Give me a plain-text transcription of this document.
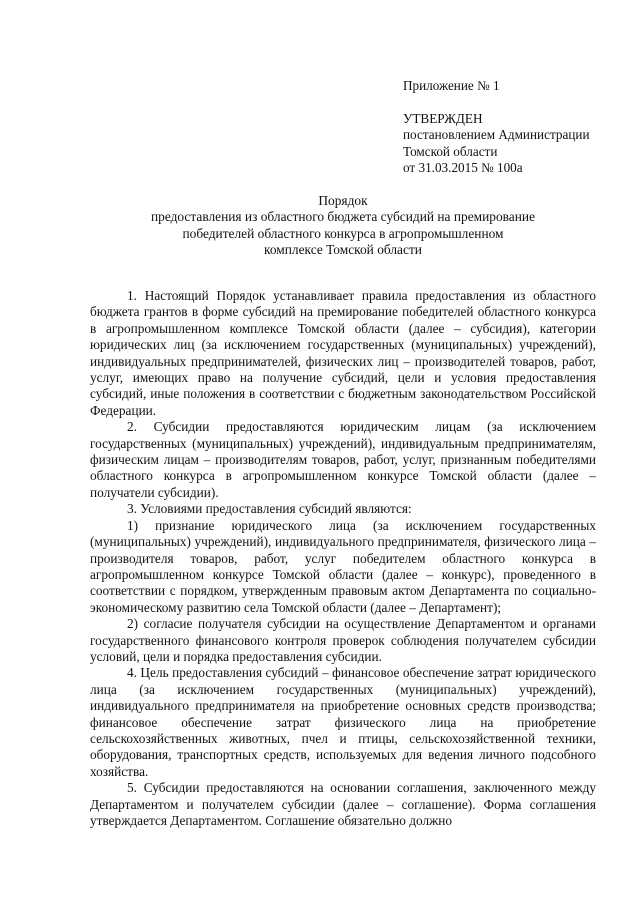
Приложение № 1
УТВЕРЖДЕН
постановлением Администрации
Томской области
от 31.03.2015 № 100а
Порядок
предоставления из областного бюджета субсидий на премирование
победителей областного конкурса в агропромышленном
комплексе Томской области

1. Настоящий Порядок устанавливает правила предоставления из областного бюджета грантов в форме субсидий на премирование победителей областного конкурса в агропромышленном комплексе Томской области (далее – субсидия), категории юридических лиц (за исключением государственных (муниципальных) учреждений), индивидуальных предпринимателей, физических лиц – производителей товаров, работ, услуг, имеющих право на получение субсидий, цели и условия предоставления субсидий, иные положения в соответствии с бюджетным законодательством Российской Федерации.

2. Субсидии предоставляются юридическим лицам (за исключением государственных (муниципальных) учреждений), индивидуальным предпринимателям, физическим лицам – производителям товаров, работ, услуг, признанным победителями областного конкурса в агропромышленном конкурсе Томской области (далее – получатели субсидии).

3. Условиями предоставления субсидий являются:

1) признание юридического лица (за исключением государственных (муниципальных) учреждений), индивидуального предпринимателя, физического лица – производителя товаров, работ, услуг победителем областного конкурса в агропромышленном конкурсе Томской области (далее – конкурс), проведенного в соответствии с порядком, утвержденным правовым актом Департамента по социально-экономическому развитию села Томской области (далее – Департамент);

2) согласие получателя субсидии на осуществление Департаментом и органами государственного финансового контроля проверок соблюдения получателем субсидии условий, цели и порядка предоставления субсидии.

4. Цель предоставления субсидий – финансовое обеспечение затрат юридического лица (за исключением государственных (муниципальных) учреждений), индивидуального предпринимателя на приобретение основных средств производства; финансовое обеспечение затрат физического лица на приобретение сельскохозяйственных животных, пчел и птицы, сельскохозяйственной техники, оборудования, транспортных средств, используемых для ведения личного подсобного хозяйства.

5. Субсидии предоставляются на основании соглашения, заключенного между Департаментом и получателем субсидии (далее – соглашение). Форма соглашения утверждается Департаментом. Соглашение обязательно должно
